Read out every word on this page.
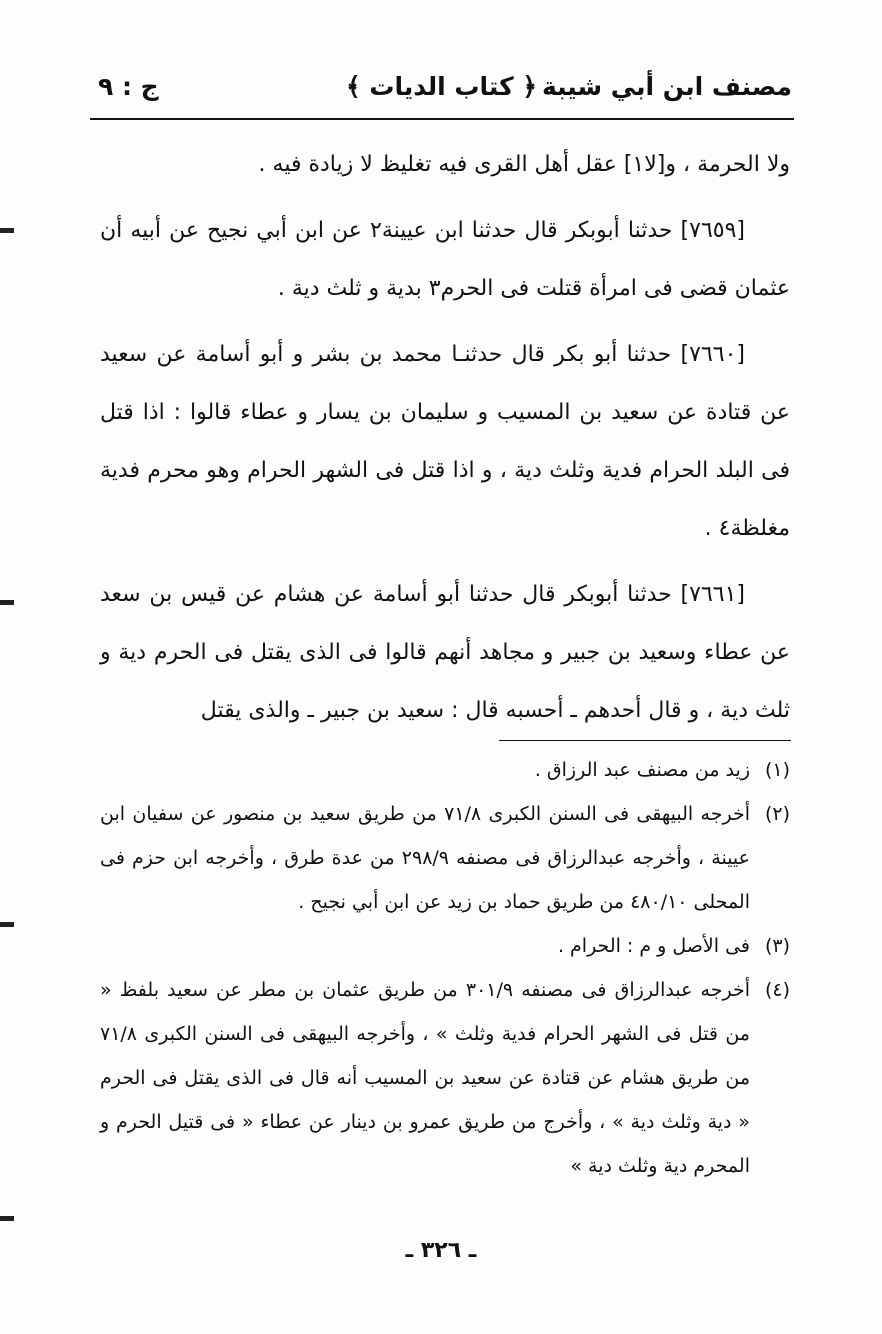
مصنف ابن أبي شيبة
﴿ كتاب الديات ﴾
ج : ٩

ولا الحرمة ، و[لا١] عقل أهل القرى فيه تغليظ لا زيادة فيه .

[٧٦٥٩] حدثنا أبوبكر قال حدثنا ابن عيينة٢ عن ابن أبي نجيح عن أبيه أن عثمان قضى فى امرأة قتلت فى الحرم٣ بدية و ثلث دية .

[٧٦٦٠] حدثنا أبو بكر قال حدثنـا محمد بن بشر و أبو أسامة عن سعيد عن قتادة عن سعيد بن المسيب و سليمان بن يسار و عطاء قالوا : اذا قتل فى البلد الحرام فدية وثلث دية ، و اذا قتل فى الشهر الحرام وهو محرم فدية مغلظة٤ .

[٧٦٦١] حدثنا أبوبكر قال حدثنا أبو أسامة عن هشام عن قيس بن سعد عن عطاء وسعيد بن جبير و مجاهد أنهم قالوا فى الذى يقتل فى الحرم دية و ثلث دية ، و قال أحدهم ـ أحسبه قال : سعيد بن جبير ـ والذى يقتل

(١)
زيد من مصنف عبد الرزاق .
(٢)
أخرجه البيهقى فى السنن الكبرى ٧١/٨ من طريق سعيد بن منصور عن سفيان ابن عيينة ، وأخرجه عبدالرزاق فى مصنفه ٢٩٨/٩ من عدة طرق ، وأخرجه ابن حزم فى المحلى ٤٨٠/١٠ من طريق حماد بن زيد عن ابن أبي نجيح .
(٣)
فى الأصل و م : الحرام .
(٤)
أخرجه عبدالرزاق فى مصنفه ٣٠١/٩ من طريق عثمان بن مطر عن سعيد بلفظ « من قتل فى الشهر الحرام فدية وثلث » ، وأخرجه البيهقى فى السنن الكبرى ٧١/٨ من طريق هشام عن قتادة عن سعيد بن المسيب أنه قال فى الذى يقتل فى الحرم « دية وثلث دية » ، وأخرج من طريق عمرو بن دينار عن عطاء « فى قتيل الحرم و المحرم دية وثلث دية »
ـ ٣٢٦ ـ
